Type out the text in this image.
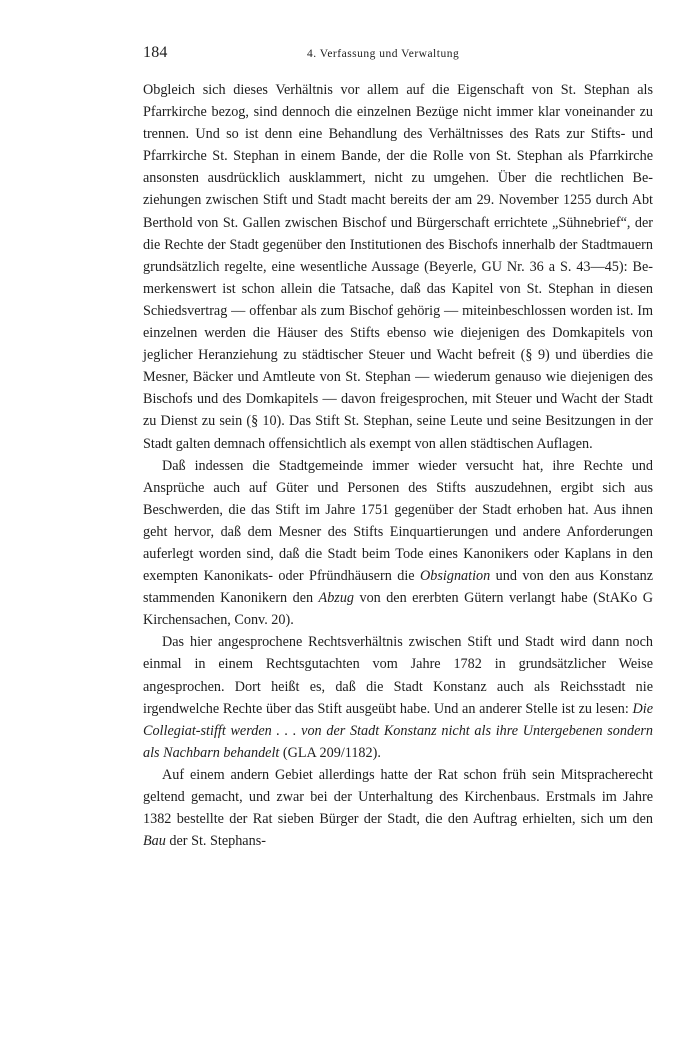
184	4. Verfassung und Verwaltung

Obgleich sich dieses Verhältnis vor allem auf die Eigenschaft von St. Stephan als Pfarrkirche bezog, sind dennoch die einzelnen Bezüge nicht immer klar voneinander zu trennen. Und so ist denn eine Behandlung des Verhältnisses des Rats zur Stifts- und Pfarrkirche St. Stephan in einem Bande, der die Rolle von St. Stephan als Pfarrkirche ansonsten ausdrücklich ausklammert, nicht zu umgehen. Über die rechtlichen Beziehungen zwischen Stift und Stadt macht bereits der am 29. November 1255 durch Abt Berthold von St. Gallen zwischen Bischof und Bürgerschaft errichtete „Sühnebrief“, der die Rechte der Stadt gegenüber den Institutionen des Bischofs innerhalb der Stadtmauern grundsätzlich regelte, eine wesentliche Aussage (Beyerle, GU Nr. 36 a S. 43—45): Bemerkenswert ist schon allein die Tatsache, daß das Kapitel von St. Stephan in diesen Schiedsvertrag — offenbar als zum Bischof gehörig — miteinbeschlossen worden ist. Im einzelnen werden die Häuser des Stifts ebenso wie diejenigen des Domkapitels von jeglicher Heranziehung zu städtischer Steuer und Wacht befreit (§ 9) und überdies die Mesner, Bäcker und Amtleute von St. Stephan — wiederum genauso wie diejenigen des Bischofs und des Domkapitels — davon freigesprochen, mit Steuer und Wacht der Stadt zu Dienst zu sein (§ 10). Das Stift St. Stephan, seine Leute und seine Besitzungen in der Stadt galten demnach offensichtlich als exempt von allen städtischen Auflagen.

Daß indessen die Stadtgemeinde immer wieder versucht hat, ihre Rechte und Ansprüche auch auf Güter und Personen des Stifts auszudehnen, ergibt sich aus Beschwerden, die das Stift im Jahre 1751 gegenüber der Stadt erhoben hat. Aus ihnen geht hervor, daß dem Mesner des Stifts Einquartierungen und andere Anforderungen auferlegt worden sind, daß die Stadt beim Tode eines Kanonikers oder Kaplans in den exempten Kanonikats- oder Pfründhäusern die Obsignation und von den aus Konstanz stammenden Kanonikern den Abzug von den ererbten Gütern verlangt habe (StAKo G Kirchensachen, Conv. 20).

Das hier angesprochene Rechtsverhältnis zwischen Stift und Stadt wird dann noch einmal in einem Rechtsgutachten vom Jahre 1782 in grundsätzlicher Weise angesprochen. Dort heißt es, daß die Stadt Konstanz auch als Reichsstadt nie irgendwelche Rechte über das Stift ausgeübt habe. Und an anderer Stelle ist zu lesen: Die Collegiat-stifft werden . . . von der Stadt Konstanz nicht als ihre Untergebenen sondern als Nachbarn behandelt (GLA 209/1182).

Auf einem andern Gebiet allerdings hatte der Rat schon früh sein Mitspracherecht geltend gemacht, und zwar bei der Unterhaltung des Kirchenbaus. Erstmals im Jahre 1382 bestellte der Rat sieben Bürger der Stadt, die den Auftrag erhielten, sich um den Bau der St. Stephans-
